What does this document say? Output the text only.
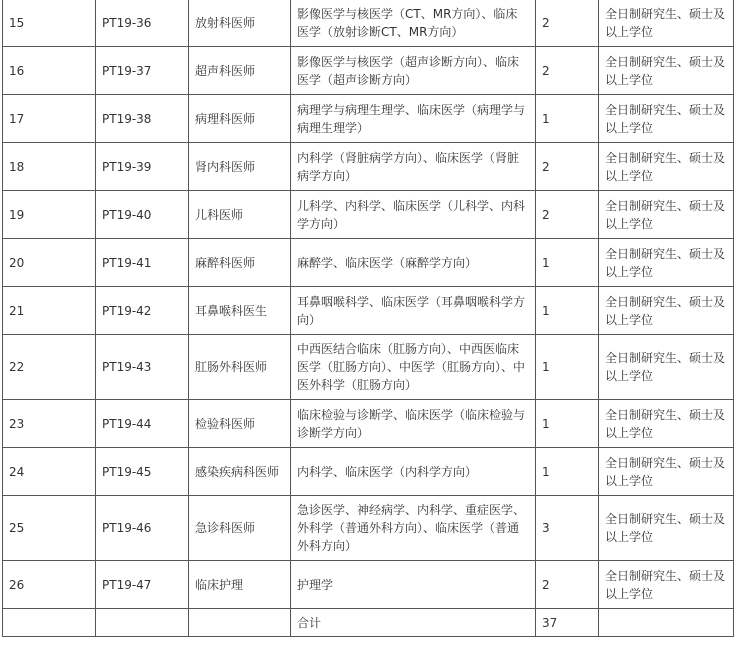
15	PT19-36	放射科医师	影像医学与核医学（CT、MR方向）、临床医学（放射诊断CT、MR方向）	2	全日制研究生、硕士及以上学位
16	PT19-37	超声科医师	影像医学与核医学（超声诊断方向）、临床医学（超声诊断方向）	2	全日制研究生、硕士及以上学位
17	PT19-38	病理科医师	病理学与病理生理学、临床医学（病理学与病理生理学）	1	全日制研究生、硕士及以上学位
18	PT19-39	肾内科医师	内科学（肾脏病学方向）、临床医学（肾脏病学方向）	2	全日制研究生、硕士及以上学位
19	PT19-40	儿科医师	儿科学、内科学、临床医学（儿科学、内科学方向）	2	全日制研究生、硕士及以上学位
20	PT19-41	麻醉科医师	麻醉学、临床医学（麻醉学方向）	1	全日制研究生、硕士及以上学位
21	PT19-42	耳鼻喉科医生	耳鼻咽喉科学、临床医学（耳鼻咽喉科学方向）	1	全日制研究生、硕士及以上学位
22	PT19-43	肛肠外科医师	中西医结合临床（肛肠方向）、中西医临床医学（肛肠方向）、中医学（肛肠方向）、中医外科学（肛肠方向）	1	全日制研究生、硕士及以上学位
23	PT19-44	检验科医师	临床检验与诊断学、临床医学（临床检验与诊断学方向）	1	全日制研究生、硕士及以上学位
24	PT19-45	感染疾病科医师	内科学、临床医学（内科学方向）	1	全日制研究生、硕士及以上学位
25	PT19-46	急诊科医师	急诊医学、神经病学、内科学、重症医学、外科学（普通外科方向）、临床医学（普通外科方向）	3	全日制研究生、硕士及以上学位
26	PT19-47	临床护理	护理学	2	全日制研究生、硕士及以上学位
			合计	37	
